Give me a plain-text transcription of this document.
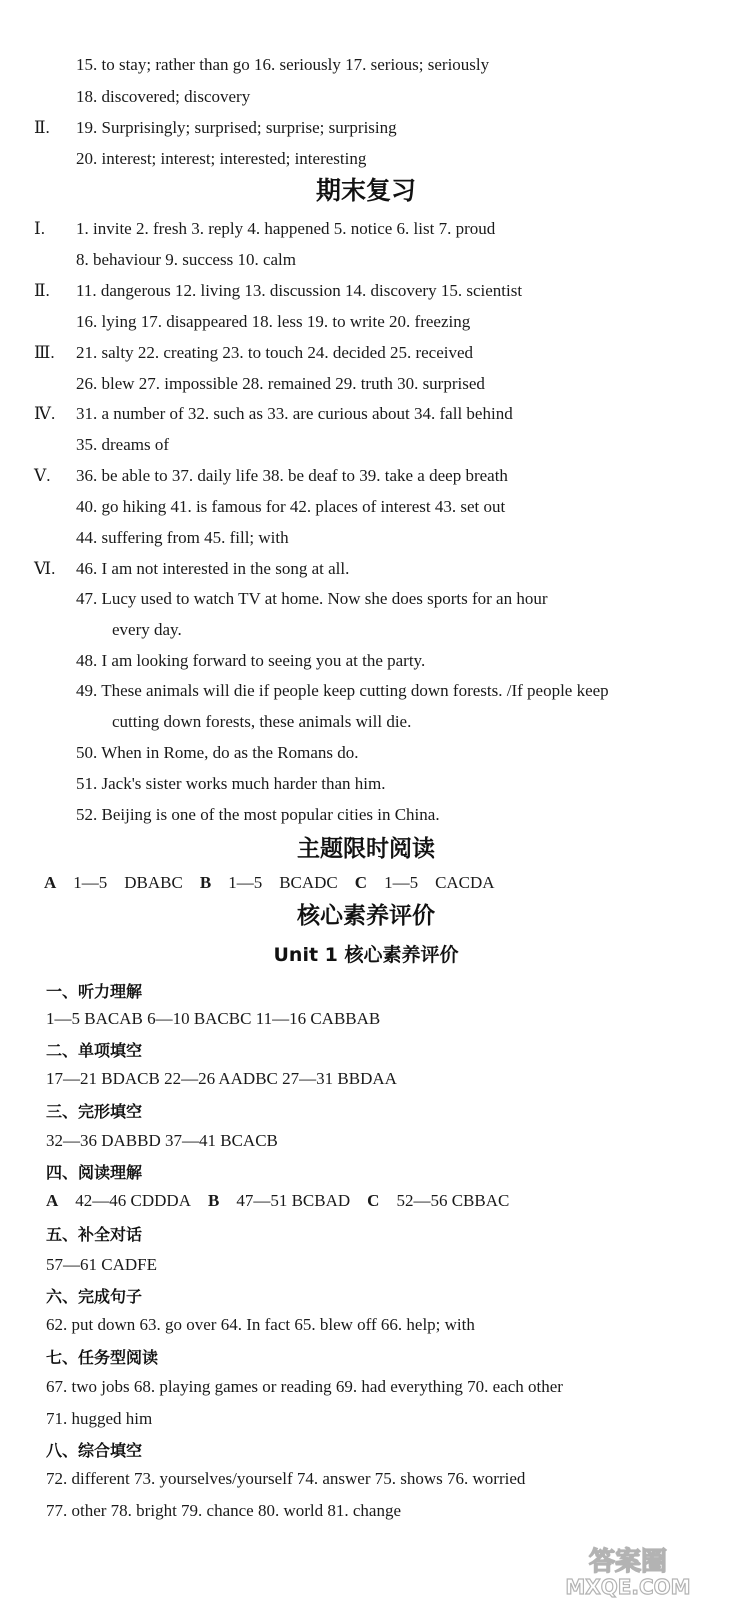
15. to stay; rather than go 16. seriously 17. serious; seriously
18. discovered; discovery
Ⅱ. 19. Surprisingly; surprised; surprise; surprising
20. interest; interest; interested; interesting
期末复习
Ⅰ. 1. invite 2. fresh 3. reply 4. happened 5. notice 6. list 7. proud
8. behaviour 9. success 10. calm
Ⅱ. 11. dangerous 12. living 13. discussion 14. discovery 15. scientist
16. lying 17. disappeared 18. less 19. to write 20. freezing
Ⅲ. 21. salty 22. creating 23. to touch 24. decided 25. received
26. blew 27. impossible 28. remained 29. truth 30. surprised
Ⅳ. 31. a number of 32. such as 33. are curious about 34. fall behind
35. dreams of
Ⅴ. 36. be able to 37. daily life 38. be deaf to 39. take a deep breath
40. go hiking 41. is famous for 42. places of interest 43. set out
44. suffering from 45. fill; with
Ⅵ. 46. I am not interested in the song at all.
47. Lucy used to watch TV at home. Now she does sports for an hour
every day.
48. I am looking forward to seeing you at the party.
49. These animals will die if people keep cutting down forests. /If people keep
cutting down forests, these animals will die.
50. When in Rome, do as the Romans do.
51. Jack's sister works much harder than him.
52. Beijing is one of the most popular cities in China.
主题限时阅读
A 1—5 DBABC B 1—5 BCADC C 1—5 CACDA
核心素养评价
Unit 1 核心素养评价
一、听力理解
1—5 BACAB 6—10 BACBC 11—16 CABBAB
二、单项填空
17—21 BDACB 22—26 AADBC 27—31 BBDAA
三、完形填空
32—36 DABBD 37—41 BCACB
四、阅读理解
A 42—46 CDDDA B 47—51 BCBAD C 52—56 CBBAC
五、补全对话
57—61 CADFE
六、完成句子
62. put down 63. go over 64. In fact 65. blew off 66. help; with
七、任务型阅读
67. two jobs 68. playing games or reading 69. had everything 70. each other
71. hugged him
八、综合填空
72. different 73. yourselves/yourself 74. answer 75. shows 76. worried
77. other 78. bright 79. chance 80. world 81. change
答案圈
MXQE.COM
